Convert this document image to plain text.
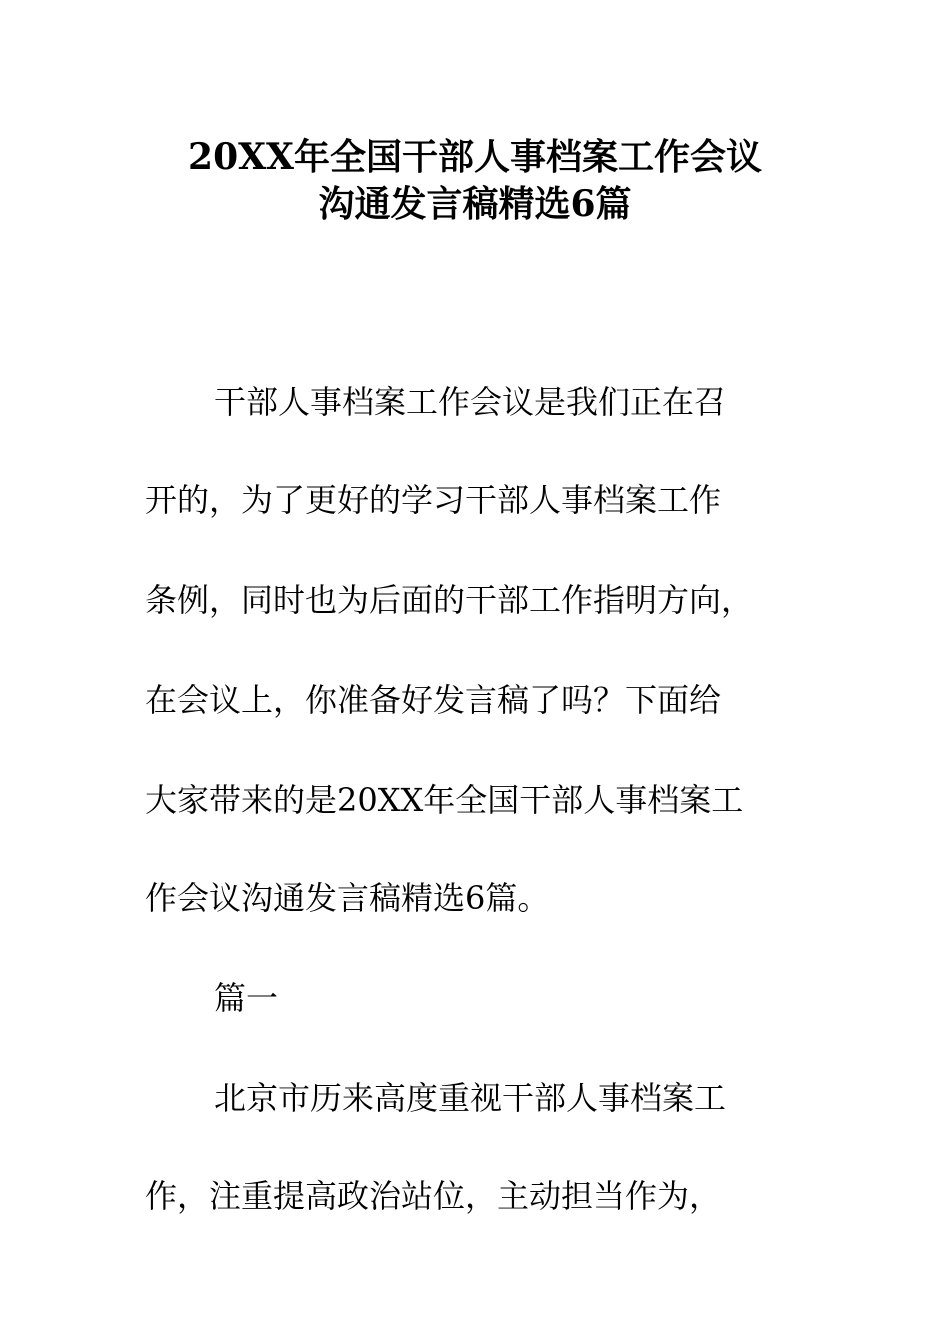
20XX年全国干部人事档案工作会议
沟通发言稿精选6篇
干部人事档案工作会议是我们正在召
开的，为了更好的学习干部人事档案工作
条例，同时也为后面的干部工作指明方向，
在会议上，你准备好发言稿了吗？下面给
大家带来的是20XX年全国干部人事档案工
作会议沟通发言稿精选6篇。
篇一
北京市历来高度重视干部人事档案工
作，注重提高政治站位，主动担当作为，
